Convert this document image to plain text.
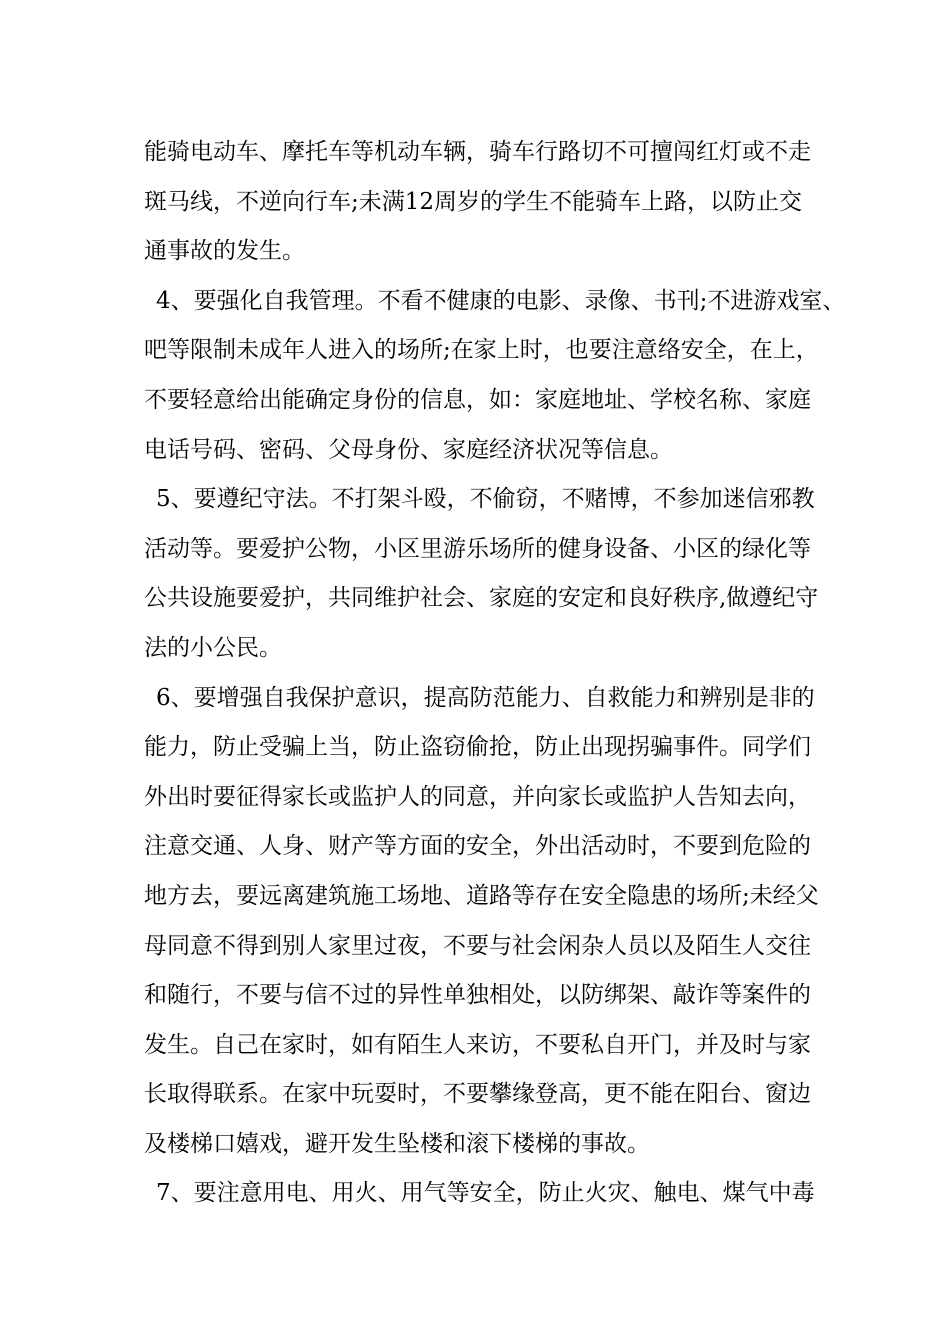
能骑电动车、摩托车等机动车辆，骑车行路切不可擅闯红灯或不走
斑马线，不逆向行车;未满12周岁的学生不能骑车上路，以防止交
通事故的发生。
4、要强化自我管理。不看不健康的电影、录像、书刊;不进游戏室、
吧等限制未成年人进入的场所;在家上时，也要注意络安全，在上，
不要轻意给出能确定身份的信息，如：家庭地址、学校名称、家庭
电话号码、密码、父母身份、家庭经济状况等信息。
5、要遵纪守法。不打架斗殴，不偷窃，不赌博，不参加迷信邪教
活动等。要爱护公物，小区里游乐场所的健身设备、小区的绿化等
公共设施要爱护，共同维护社会、家庭的安定和良好秩序,做遵纪守
法的小公民。
6、要增强自我保护意识，提高防范能力、自救能力和辨别是非的
能力，防止受骗上当，防止盗窃偷抢，防止出现拐骗事件。同学们
外出时要征得家长或监护人的同意，并向家长或监护人告知去向，
注意交通、人身、财产等方面的安全，外出活动时，不要到危险的
地方去，要远离建筑施工场地、道路等存在安全隐患的场所;未经父
母同意不得到别人家里过夜，不要与社会闲杂人员以及陌生人交往
和随行，不要与信不过的异性单独相处，以防绑架、敲诈等案件的
发生。自己在家时，如有陌生人来访，不要私自开门，并及时与家
长取得联系。在家中玩耍时，不要攀缘登高，更不能在阳台、窗边
及楼梯口嬉戏，避开发生坠楼和滚下楼梯的事故。
7、要注意用电、用火、用气等安全，防止火灾、触电、煤气中毒
